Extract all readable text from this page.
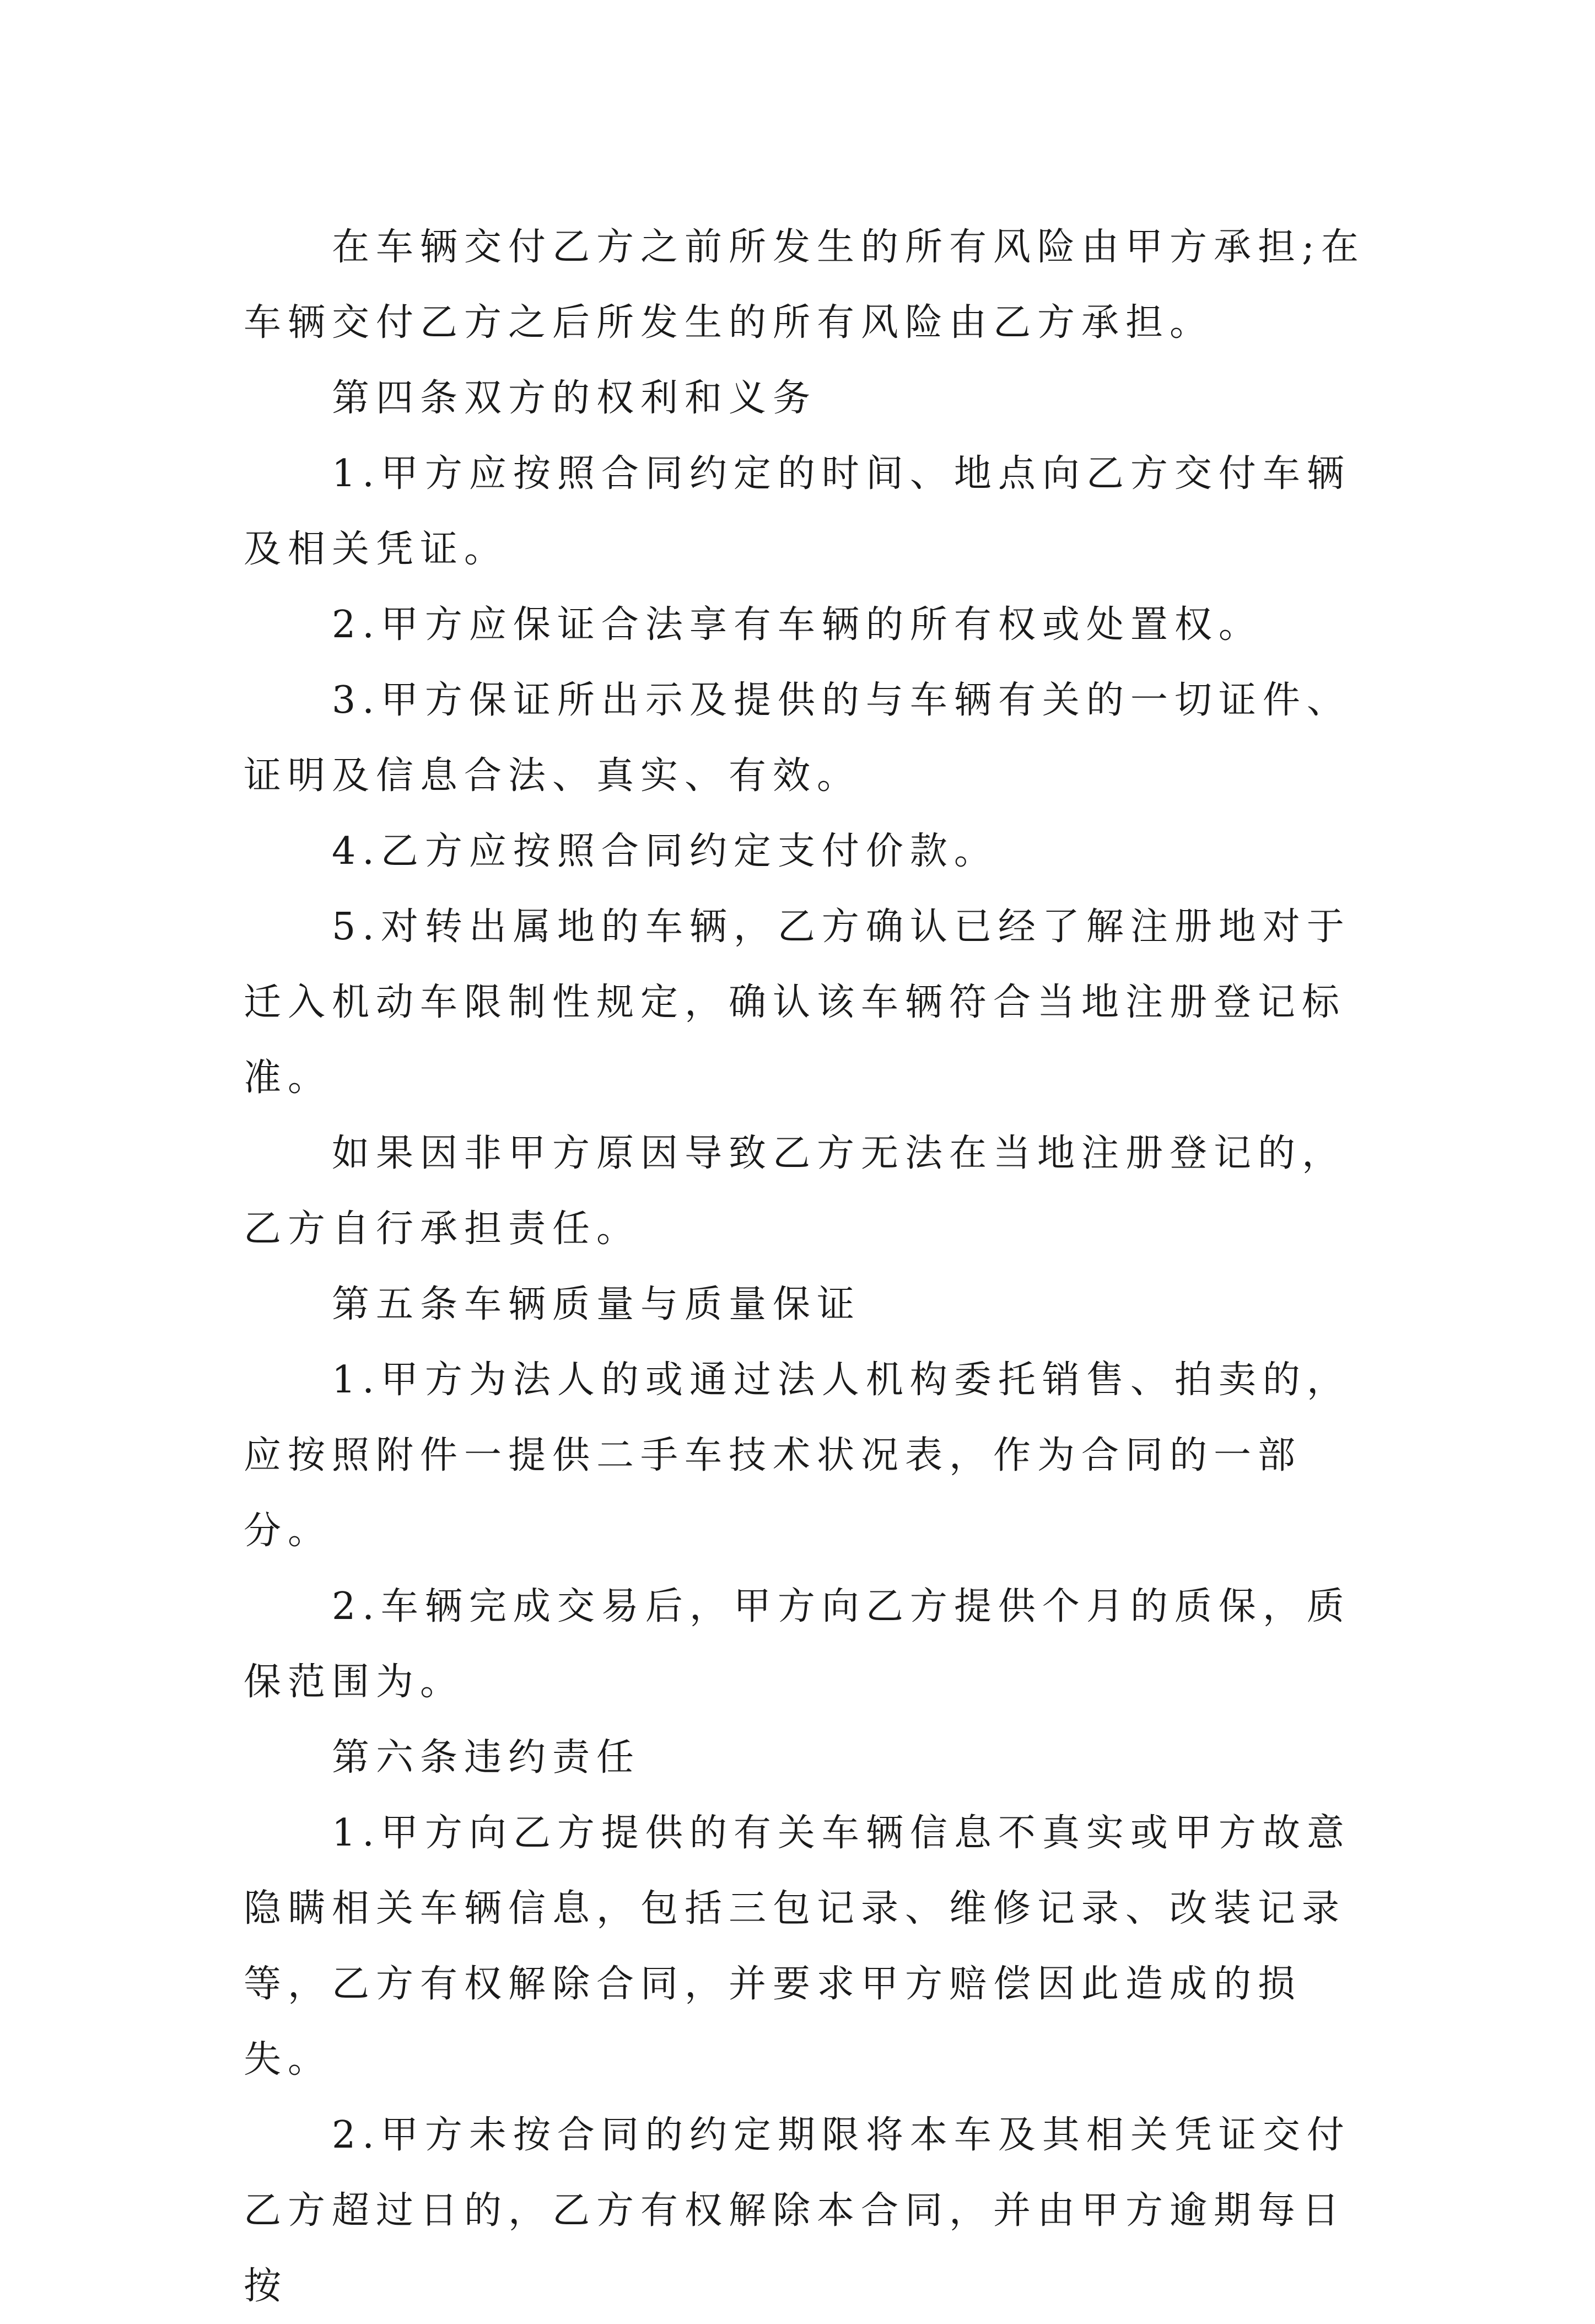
在车辆交付乙方之前所发生的所有风险由甲方承担;在车辆交付乙方之后所发生的所有风险由乙方承担。

第四条双方的权利和义务

1.甲方应按照合同约定的时间、地点向乙方交付车辆及相关凭证。

2.甲方应保证合法享有车辆的所有权或处置权。

3.甲方保证所出示及提供的与车辆有关的一切证件、证明及信息合法、真实、有效。

4.乙方应按照合同约定支付价款。

5.对转出属地的车辆，乙方确认已经了解注册地对于迁入机动车限制性规定，确认该车辆符合当地注册登记标准。

如果因非甲方原因导致乙方无法在当地注册登记的，乙方自行承担责任。

第五条车辆质量与质量保证

1.甲方为法人的或通过法人机构委托销售、拍卖的，应按照附件一提供二手车技术状况表，作为合同的一部分。

2.车辆完成交易后，甲方向乙方提供个月的质保，质保范围为。

第六条违约责任

1.甲方向乙方提供的有关车辆信息不真实或甲方故意隐瞒相关车辆信息，包括三包记录、维修记录、改装记录等，乙方有权解除合同，并要求甲方赔偿因此造成的损失。

2.甲方未按合同的约定期限将本车及其相关凭证交付乙方超过日的，乙方有权解除本合同，并由甲方逾期每日按
